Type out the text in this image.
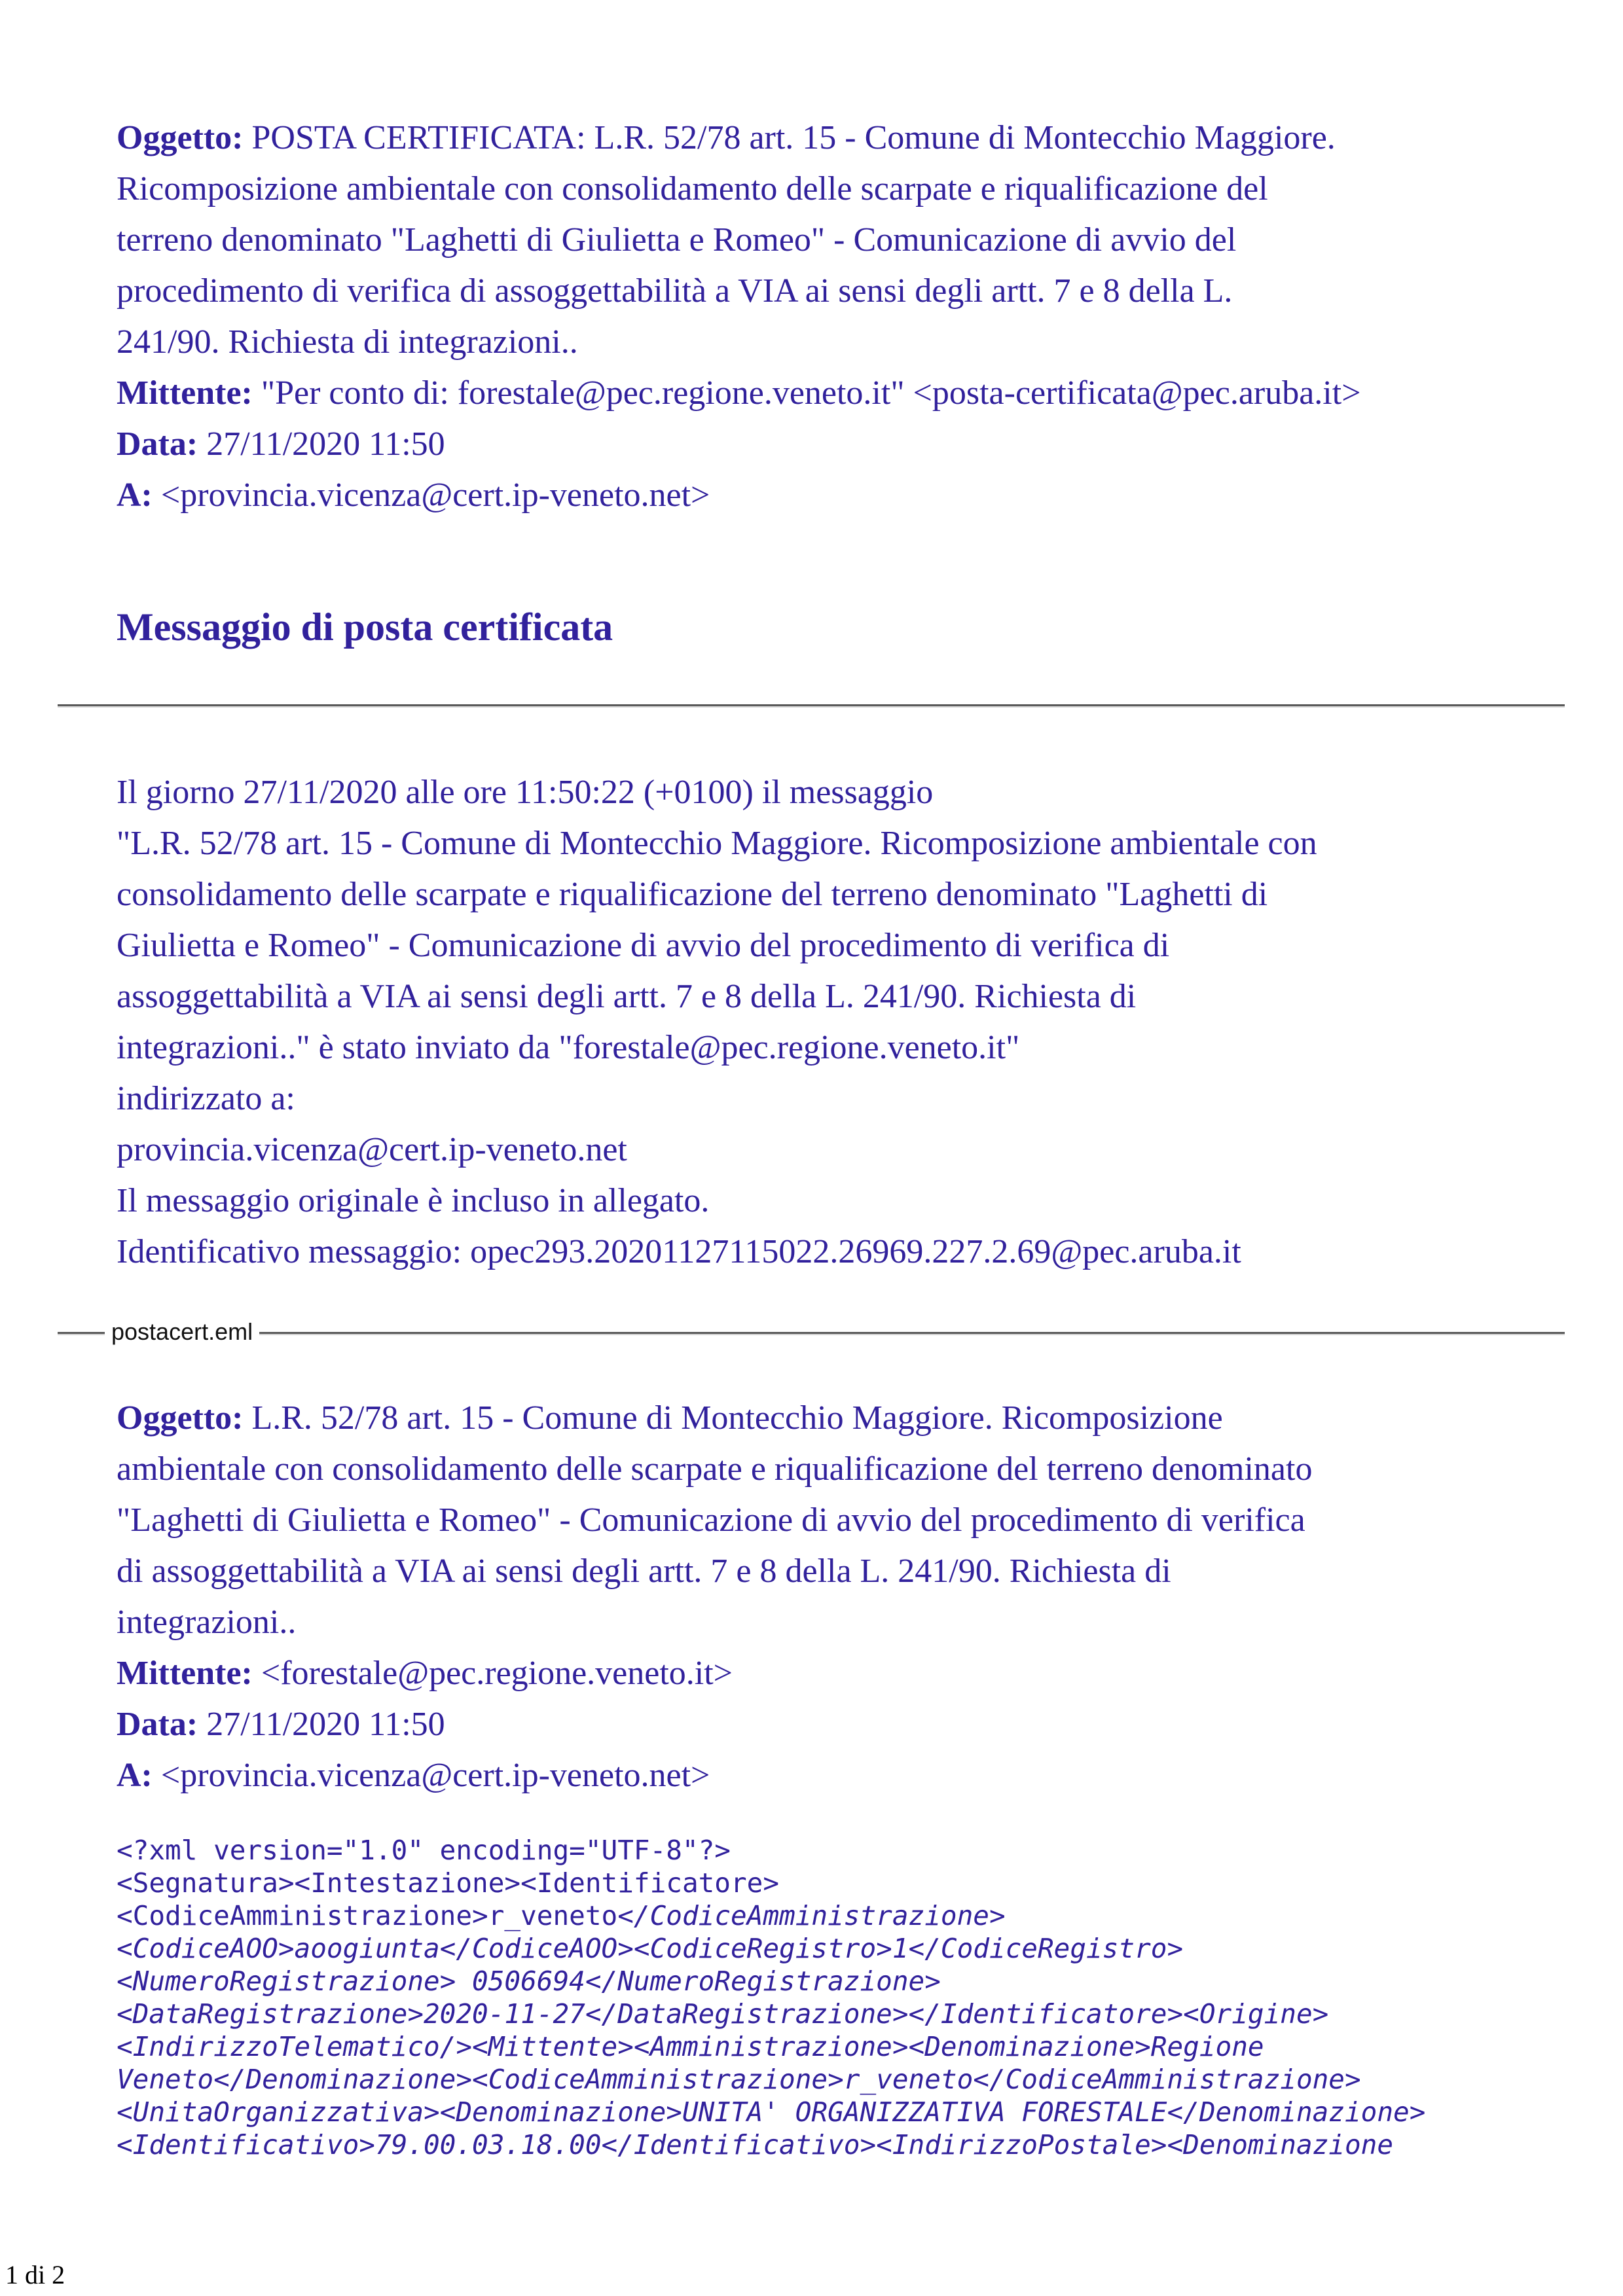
Oggetto: POSTA CERTIFICATA: L.R. 52/78 art. 15 - Comune di Montecchio Maggiore.
Ricomposizione ambientale con consolidamento delle scarpate e riqualificazione del
terreno denominato "Laghetti di Giulietta e Romeo" - Comunicazione di avvio del
procedimento di verifica di assoggettabilità a VIA ai sensi degli artt. 7 e 8 della L.
241/90. Richiesta di integrazioni..
Mittente: "Per conto di: forestale@pec.regione.veneto.it" <posta-certificata@pec.aruba.it>
Data: 27/11/2020 11:50
A: <provincia.vicenza@cert.ip-veneto.net>
Messaggio di posta certificata
Il giorno 27/11/2020 alle ore 11:50:22 (+0100) il messaggio
"L.R. 52/78 art. 15 - Comune di Montecchio Maggiore. Ricomposizione ambientale con
consolidamento delle scarpate e riqualificazione del terreno denominato "Laghetti di
Giulietta e Romeo" - Comunicazione di avvio del procedimento di verifica di
assoggettabilità a VIA ai sensi degli artt. 7 e 8 della L. 241/90. Richiesta di
integrazioni.." è stato inviato da "forestale@pec.regione.veneto.it"
indirizzato a:
provincia.vicenza@cert.ip-veneto.net
Il messaggio originale è incluso in allegato.
Identificativo messaggio: opec293.20201127115022.26969.227.2.69@pec.aruba.it
postacert.eml
Oggetto: L.R. 52/78 art. 15 - Comune di Montecchio Maggiore. Ricomposizione
ambientale con consolidamento delle scarpate e riqualificazione del terreno denominato
"Laghetti di Giulietta e Romeo" - Comunicazione di avvio del procedimento di verifica
di assoggettabilità a VIA ai sensi degli artt. 7 e 8 della L. 241/90. Richiesta di
integrazioni..
Mittente: <forestale@pec.regione.veneto.it>
Data: 27/11/2020 11:50
A: <provincia.vicenza@cert.ip-veneto.net>
<?xml version="1.0" encoding="UTF-8"?>
<Segnatura><Intestazione><Identificatore>
<CodiceAmministrazione>r_veneto</CodiceAmministrazione>
<CodiceAOO>aoogiunta</CodiceAOO><CodiceRegistro>1</CodiceRegistro>
<NumeroRegistrazione> 0506694</NumeroRegistrazione>
<DataRegistrazione>2020-11-27</DataRegistrazione></Identificatore><Origine>
<IndirizzoTelematico/><Mittente><Amministrazione><Denominazione>Regione
Veneto</Denominazione><CodiceAmministrazione>r_veneto</CodiceAmministrazione>
<UnitaOrganizzativa><Denominazione>UNITA' ORGANIZZATIVA FORESTALE</Denominazione>
<Identificativo>79.00.03.18.00</Identificativo><IndirizzoPostale><Denominazione
1 di 2
